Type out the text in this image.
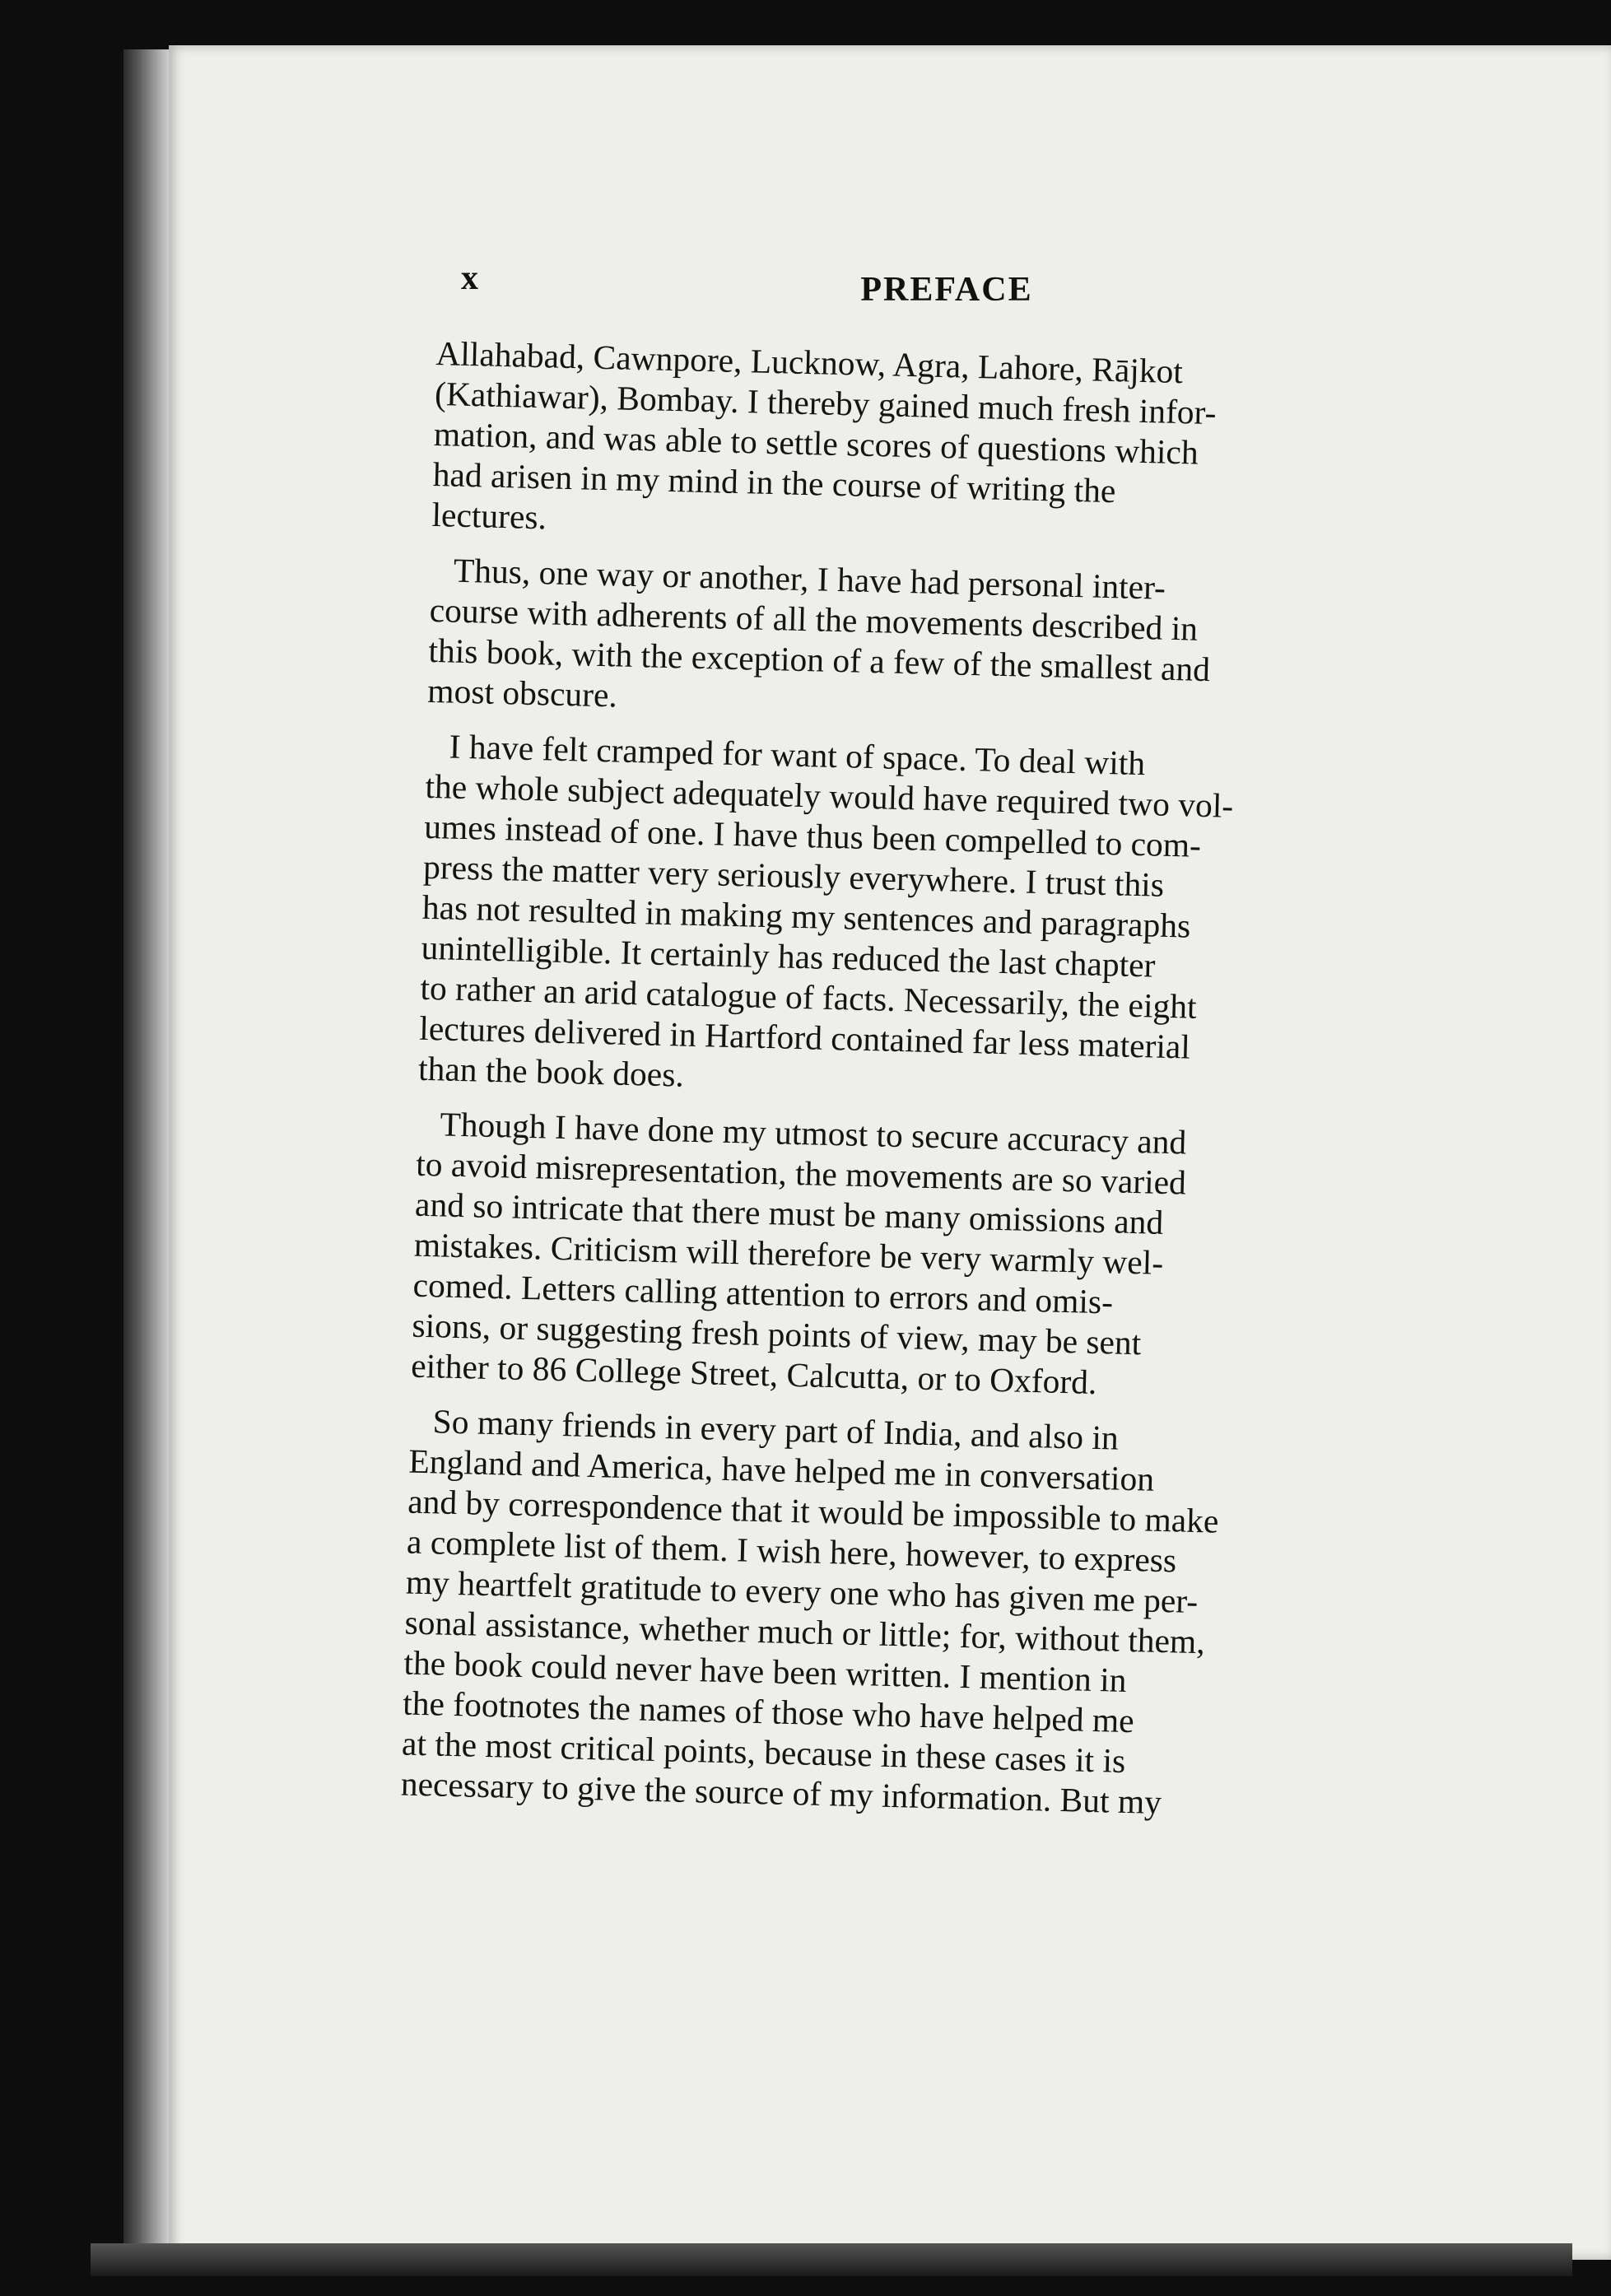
x	PREFACE

Allahabad, Cawnpore, Lucknow, Agra, Lahore, Rājkot
(Kathiawar), Bombay. I thereby gained much fresh infor-
mation, and was able to settle scores of questions which
had arisen in my mind in the course of writing the
lectures.

Thus, one way or another, I have had personal inter-
course with adherents of all the movements described in
this book, with the exception of a few of the smallest and
most obscure.

I have felt cramped for want of space. To deal with
the whole subject adequately would have required two vol-
umes instead of one. I have thus been compelled to com-
press the matter very seriously everywhere. I trust this
has not resulted in making my sentences and paragraphs
unintelligible. It certainly has reduced the last chapter
to rather an arid catalogue of facts. Necessarily, the eight
lectures delivered in Hartford contained far less material
than the book does.

Though I have done my utmost to secure accuracy and
to avoid misrepresentation, the movements are so varied
and so intricate that there must be many omissions and
mistakes. Criticism will therefore be very warmly wel-
comed. Letters calling attention to errors and omis-
sions, or suggesting fresh points of view, may be sent
either to 86 College Street, Calcutta, or to Oxford.

So many friends in every part of India, and also in
England and America, have helped me in conversation
and by correspondence that it would be impossible to make
a complete list of them. I wish here, however, to express
my heartfelt gratitude to every one who has given me per-
sonal assistance, whether much or little; for, without them,
the book could never have been written. I mention in
the footnotes the names of those who have helped me
at the most critical points, because in these cases it is
necessary to give the source of my information. But my
